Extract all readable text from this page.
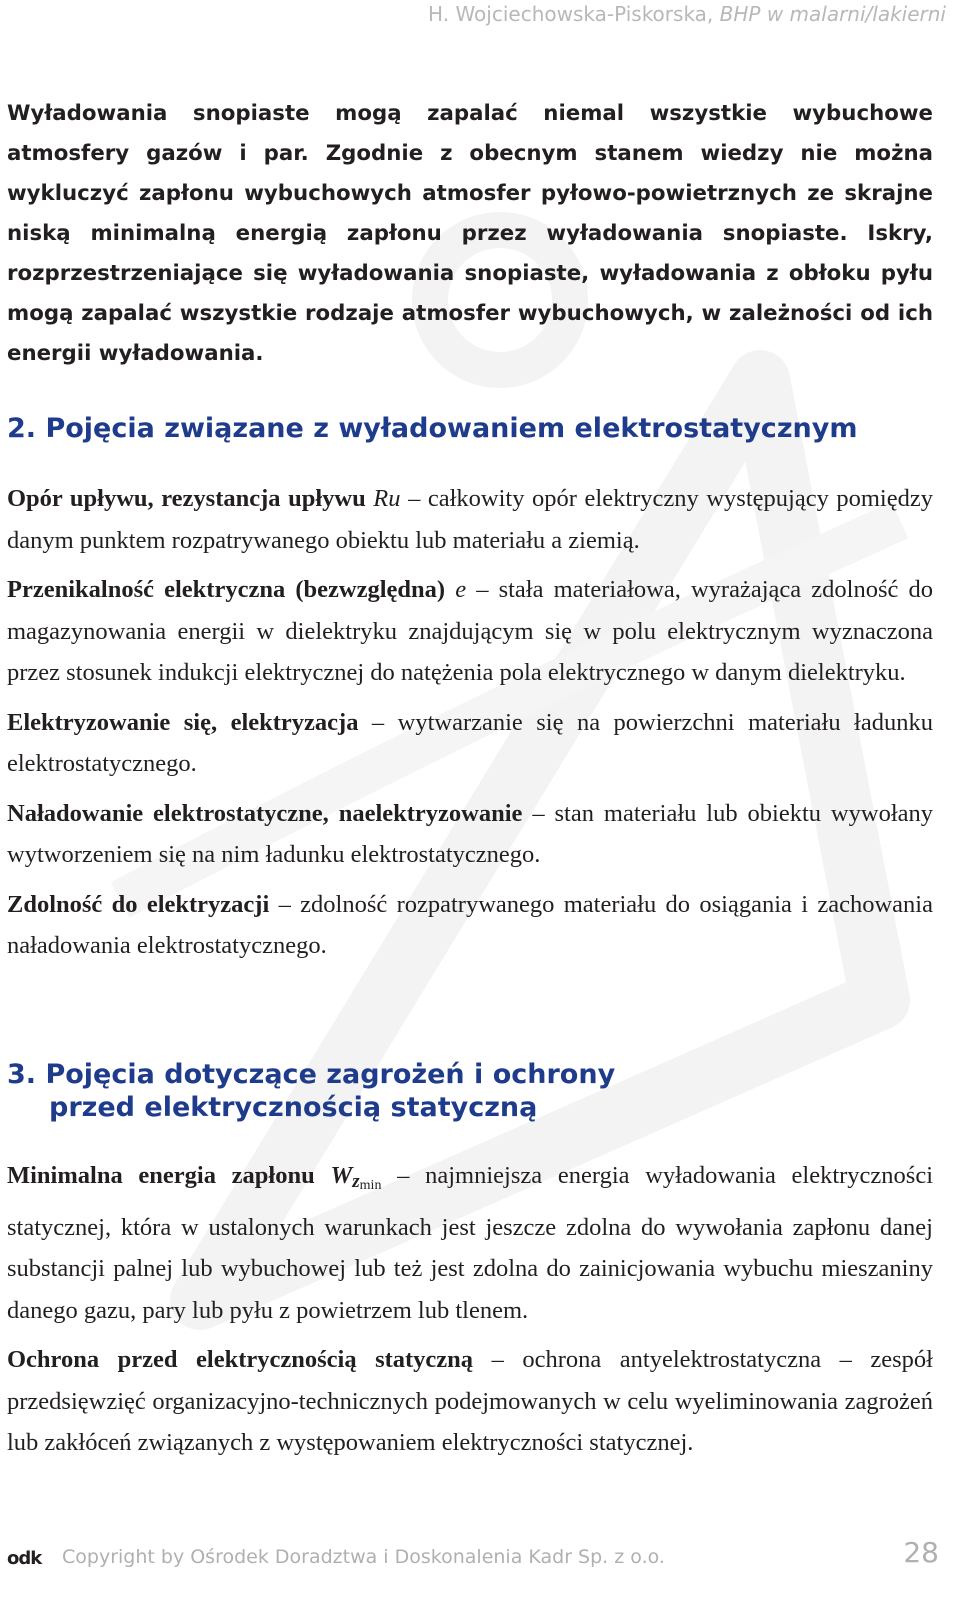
H. Wojciechowska-Piskorska, BHP w malarni/lakierni

Wyładowania snopiaste mogą zapalać niemal wszystkie wybuchowe atmosfery gazów i par. Zgodnie z obecnym stanem wiedzy nie można wykluczyć zapłonu wybuchowych atmosfer pyłowo-powietrznych ze skrajne niską minimalną energią zapłonu przez wyładowania snopiaste. Iskry, rozprzestrzeniające się wyładowania snopiaste, wyładowania z obłoku pyłu mogą zapalać wszystkie rodzaje atmosfer wybuchowych, w zależności od ich energii wyładowania.

2. Pojęcia związane z wyładowaniem elektrostatycznym

Opór upływu, rezystancja upływu Ru – całkowity opór elektryczny występujący pomiędzy danym punktem rozpatrywanego obiektu lub materiału a ziemią.

Przenikalność elektryczna (bezwzględna) e – stała materiałowa, wyrażająca zdolność do magazynowania energii w dielektryku znajdującym się w polu elektrycznym wyznaczona przez stosunek indukcji elektrycznej do natężenia pola elektrycznego w danym dielektryku.

Elektryzowanie się, elektryzacja – wytwarzanie się na powierzchni materiału ładunku elektrostatycznego.

Naładowanie elektrostatyczne, naelektryzowanie – stan materiału lub obiektu wywołany wytworzeniem się na nim ładunku elektrostatycznego.

Zdolność do elektryzacji – zdolność rozpatrywanego materiału do osiągania i zachowania naładowania elektrostatycznego.

3. Pojęcia dotyczące zagrożeń i ochrony
przed elektrycznością statyczną

Minimalna energia zapłonu $W_{zmin}$ – najmniejsza energia wyładowania elektryczności statycznej, która w ustalonych warunkach jest jeszcze zdolna do wywołania zapłonu danej substancji palnej lub wybuchowej lub też jest zdolna do zainicjowania wybuchu mieszaniny danego gazu, pary lub pyłu z powietrzem lub tlenem.

Ochrona przed elektrycznością statyczną – ochrona antyelektrostatyczna – zespół przedsięwzięć organizacyjno-technicznych podejmowanych w celu wyeliminowania zagrożeń lub zakłóceń związanych z występowaniem elektryczności statycznej.

odk Copyright by Ośrodek Doradztwa i Doskonalenia Kadr Sp. z o.o.	28
